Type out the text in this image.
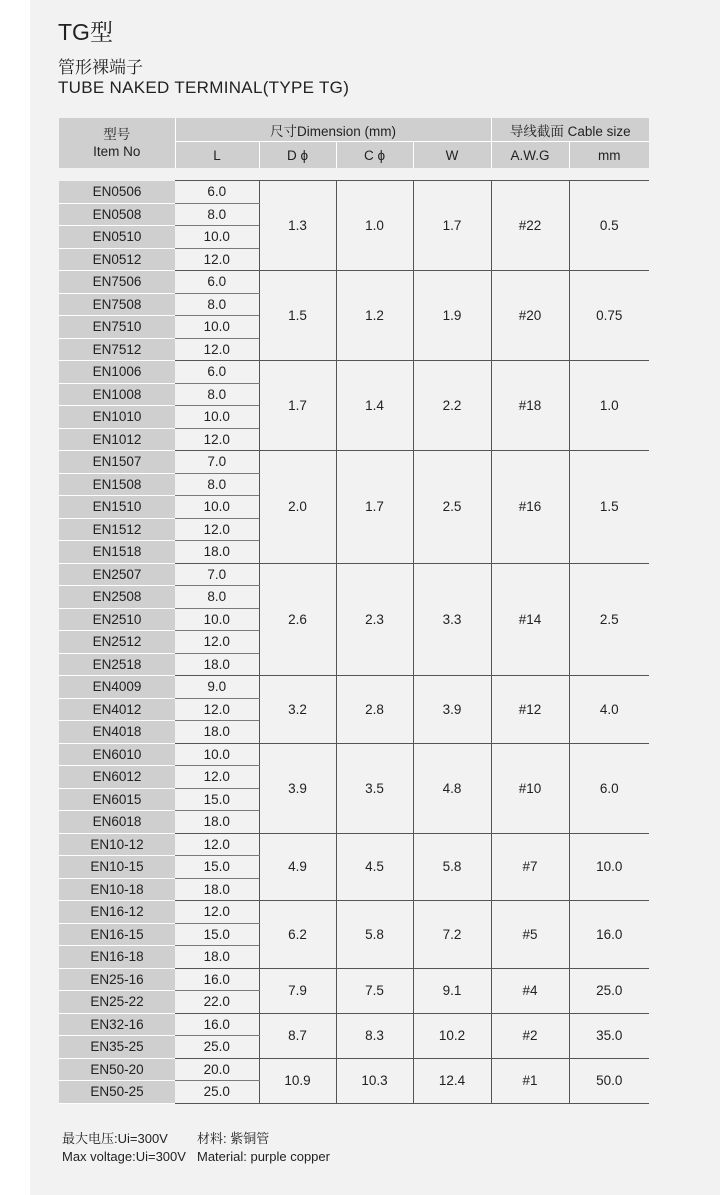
TG型
管形裸端子
TUBE NAKED TERMINAL(TYPE TG)
型号
Item No	尺寸Dimension (mm)				导线截面 Cable size	
	L	D ϕ	C ϕ	W	A.W.G	mm

EN0506	6.0	1.3	1.0	1.7	#22	0.5
EN0508	8.0					
EN0510	10.0					
EN0512	12.0					
EN7506	6.0	1.5	1.2	1.9	#20	0.75
EN7508	8.0					
EN7510	10.0					
EN7512	12.0					
EN1006	6.0	1.7	1.4	2.2	#18	1.0
EN1008	8.0					
EN1010	10.0					
EN1012	12.0					
EN1507	7.0	2.0	1.7	2.5	#16	1.5
EN1508	8.0					
EN1510	10.0					
EN1512	12.0					
EN1518	18.0					
EN2507	7.0	2.6	2.3	3.3	#14	2.5
EN2508	8.0					
EN2510	10.0					
EN2512	12.0					
EN2518	18.0					
EN4009	9.0	3.2	2.8	3.9	#12	4.0
EN4012	12.0					
EN4018	18.0					
EN6010	10.0	3.9	3.5	4.8	#10	6.0
EN6012	12.0					
EN6015	15.0					
EN6018	18.0					
EN10-12	12.0	4.9	4.5	5.8	#7	10.0
EN10-15	15.0					
EN10-18	18.0					
EN16-12	12.0	6.2	5.8	7.2	#5	16.0
EN16-15	15.0					
EN16-18	18.0					
EN25-16	16.0	7.9	7.5	9.1	#4	25.0
EN25-22	22.0					
EN32-16	16.0	8.7	8.3	10.2	#2	35.0
EN35-25	25.0					
EN50-20	20.0	10.9	10.3	12.4	#1	50.0
EN50-25	25.0					
最大电压:Ui=300V 材料: 紫铜管
Max voltage:Ui=300V Material: purple copper
